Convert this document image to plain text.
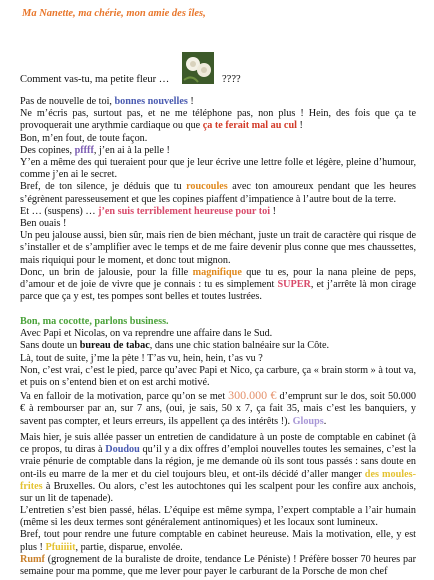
Ma Nanette, ma chérie, mon amie des îles,
Comment vas-tu, ma petite fleur …	????

Pas de nouvelle de toi, bonnes nouvelles !

Ne m’écris pas, surtout pas, et ne me téléphone pas, non plus ! Hein, des fois que ça te provoquerait une arythmie cardiaque ou que ça te ferait mal au cul !

Bon, m’en fout, de toute façon.

Des copines, pffff, j’en ai à la pelle !

Y’en a même des qui tueraient pour que je leur écrive une lettre folle et légère, pleine d’humour, comme j’en ai le secret.

Bref, de ton silence, je déduis que tu roucoules avec ton amoureux pendant que les heures s’égrènent paresseusement et que les copines piaffent d’impatience à l’autre bout de la terre.

Et … (suspens) … j’en suis terriblement heureuse pour toi !

Ben ouais !

Un peu jalouse aussi, bien sûr, mais rien de bien méchant, juste un trait de caractère qui risque de s’installer et de s’amplifier avec le temps et de me faire devenir plus conne que mes chaussettes, mais riquiqui pour le moment, et donc tout mignon.

Donc, un brin de jalousie, pour la fille magnifique que tu es, pour la nana pleine de peps, d’amour et de joie de vivre que je connais : tu es simplement SUPER, et j’arrête là mon cirage parce que ça y est, tes pompes sont belles et toutes lustrées.

Bon, ma cocotte, parlons business.

Avec Papi et Nicolas, on va reprendre une affaire dans le Sud.

Sans doute un bureau de tabac, dans une chic station balnéaire sur la Côte.

Là, tout de suite, j’me la pète ! T’as vu, hein, hein, t’as vu ?

Non, c’est vrai, c’est le pied, parce qu’avec Papi et Nico, ça carbure, ça « brain storm » à tout va, et puis on s’entend bien et on est archi motivé.

Va en falloir de la motivation, parce qu’on se met 300.000 € d’emprunt sur le dos, soit 50.000 € à rembourser par an, sur 7 ans, (oui, je sais, 50 x 7, ça fait 35, mais c’est les banquiers, y savent pas compter, et leurs erreurs, ils appellent ça des intérêts !). Gloups.

Mais hier, je suis allée passer un entretien de candidature à un poste de comptable en cabinet (à ce propos, tu diras à Doudou qu’il y a dix offres d’emploi nouvelles toutes les semaines, c’est la vraie pénurie de comptable dans la région, je me demande où ils sont tous passés : sans doute en ont-ils eu marre de la mer et du ciel toujours bleu, et ont-ils décidé d’aller manger des moules-frites à Bruxelles. Ou alors, c’est les autochtones qui les scalpent pour les confire aux anchois, sur un lit de tapenade).

L’entretien s’est bien passé, hélas. L’équipe est même sympa, l’expert comptable a l’air humain (même si les deux termes sont généralement antinomiques) et les locaux sont lumineux.

Bref, tout pour rendre une future comptable en cabinet heureuse. Mais la motivation, elle, y est plus ! Pfuiiiit, partie, disparue, envolée.

Rumf (grognement de la buraliste de droite, tendance Le Péniste) ! Préfère bosser 70 heures par semaine pour ma pomme, que me lever pour payer le carburant de la Porsche de mon chef
